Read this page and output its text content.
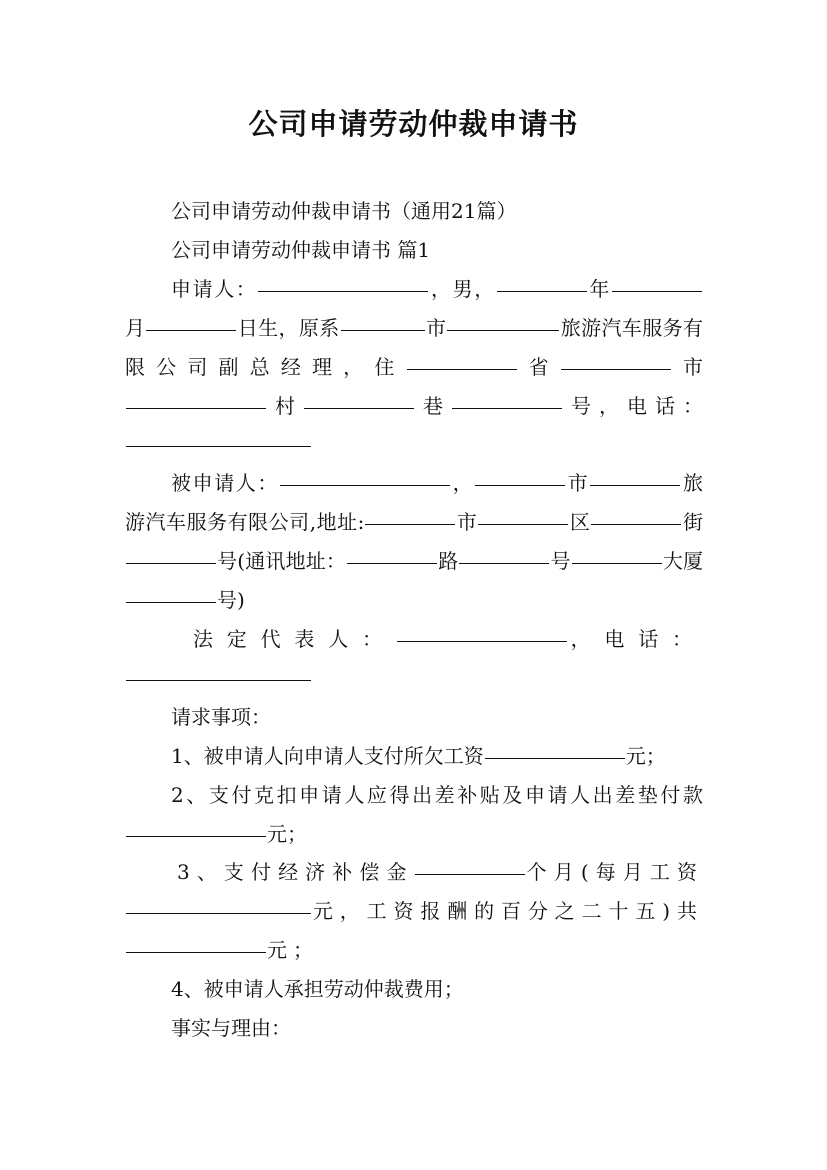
公司申请劳动仲裁申请书

公司申请劳动仲裁申请书（通用21篇）

公司申请劳动仲裁申请书 篇1

申请人：	，男，	年月	日生，原系	市	旅游汽车服务有限公司副总经理，住	省	市村	巷	号，电话：

被申请人：	，	市	旅游汽车服务有限公司,地址:	市	区	街号(通讯地址：	路	号	大厦号)

法定代表人：	，电话：

请求事项：

1、被申请人向申请人支付所欠工资	元；

2、支付克扣申请人应得出差补贴及申请人出差垫付款元；

3、支付经济补偿金	个月(每月工资元，工资报酬的百分之二十五)共元；

4、被申请人承担劳动仲裁费用；

事实与理由：
